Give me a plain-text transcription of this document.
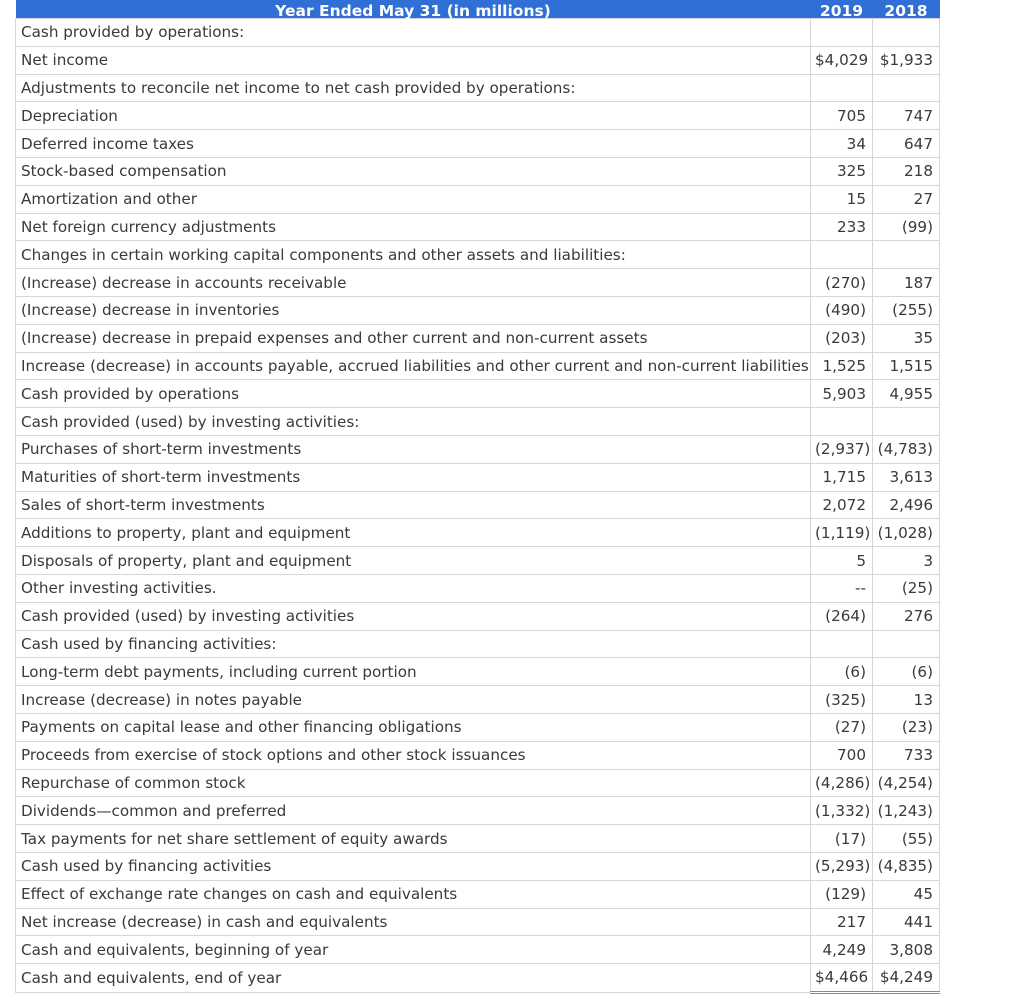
Year Ended May 31 (in millions)	2019	2018
Cash provided by operations:		
Net income	$4,029	$1,933
Adjustments to reconcile net income to net cash provided by operations:		
Depreciation	705	747
Deferred income taxes	34	647
Stock-based compensation	325	218
Amortization and other	15	27
Net foreign currency adjustments	233	(99)
Changes in certain working capital components and other assets and liabilities:		
(Increase) decrease in accounts receivable	(270)	187
(Increase) decrease in inventories	(490)	(255)
(Increase) decrease in prepaid expenses and other current and non-current assets	(203)	35
Increase (decrease) in accounts payable, accrued liabilities and other current and non-current liabilities	1,525	1,515
Cash provided by operations	5,903	4,955
Cash provided (used) by investing activities:		
Purchases of short-term investments	(2,937)	(4,783)
Maturities of short-term investments	1,715	3,613
Sales of short-term investments	2,072	2,496
Additions to property, plant and equipment	(1,119)	(1,028)
Disposals of property, plant and equipment	5	3
Other investing activities.	--	(25)
Cash provided (used) by investing activities	(264)	276
Cash used by financing activities:		
Long-term debt payments, including current portion	(6)	(6)
Increase (decrease) in notes payable	(325)	13
Payments on capital lease and other financing obligations	(27)	(23)
Proceeds from exercise of stock options and other stock issuances	700	733
Repurchase of common stock	(4,286)	(4,254)
Dividends—common and preferred	(1,332)	(1,243)
Tax payments for net share settlement of equity awards	(17)	(55)
Cash used by financing activities	(5,293)	(4,835)
Effect of exchange rate changes on cash and equivalents	(129)	45
Net increase (decrease) in cash and equivalents	217	441
Cash and equivalents, beginning of year	4,249	3,808
Cash and equivalents, end of year	$4,466	$4,249
